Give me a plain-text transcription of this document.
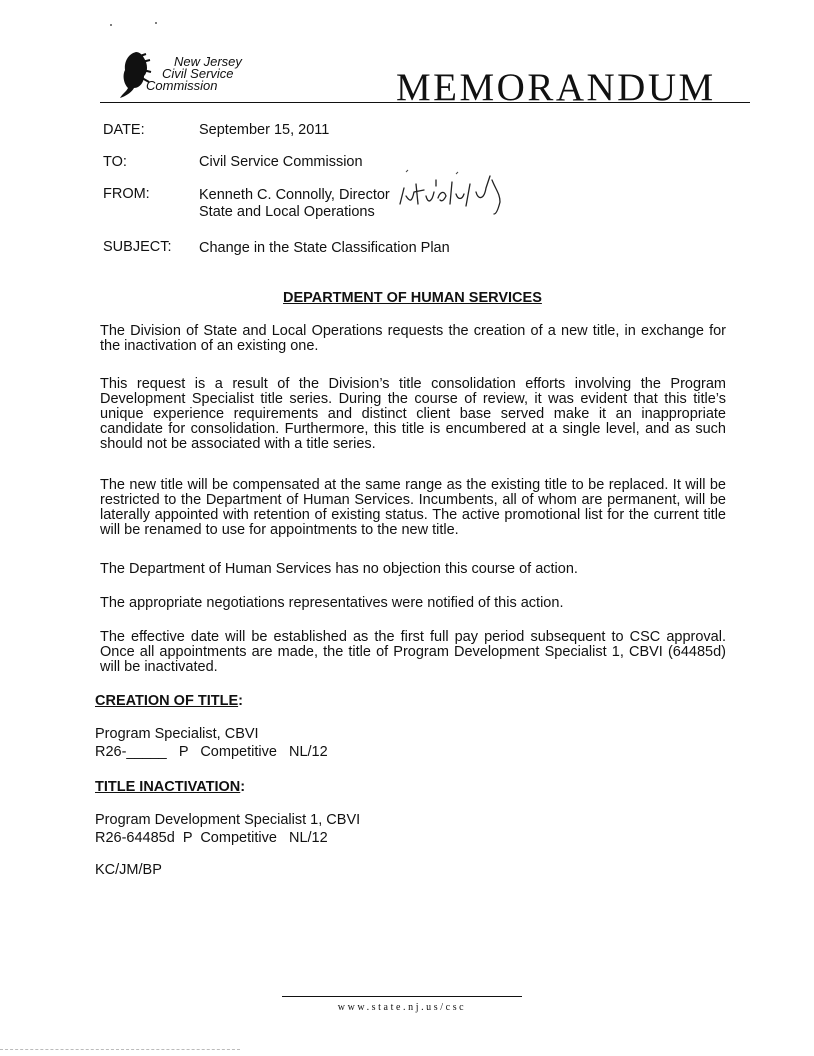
New Jersey
Civil Service
Commission	MEMORANDUM
DATE:	September 15, 2011
TO:	Civil Service Commission
FROM:	Kenneth C. Connolly, Director
State and Local Operations
SUBJECT: Change in the State Classification Plan
DEPARTMENT OF HUMAN SERVICES
The Division of State and Local Operations requests the creation of a new title, in exchange for the inactivation of an existing one.
This request is a result of the Division’s title consolidation efforts involving the Program Development Specialist title series. During the course of review, it was evident that this title’s unique experience requirements and distinct client base served make it an inappropriate candidate for consolidation. Furthermore, this title is encumbered at a single level, and as such should not be associated with a title series.
The new title will be compensated at the same range as the existing title to be replaced. It will be restricted to the Department of Human Services. Incumbents, all of whom are permanent, will be laterally appointed with retention of existing status. The active promotional list for the current title will be renamed to use for appointments to the new title.
The Department of Human Services has no objection this course of action.
The appropriate negotiations representatives were notified of this action.
The effective date will be established as the first full pay period subsequent to CSC approval. Once all appointments are made, the title of Program Development Specialist 1, CBVI (64485d) will be inactivated.
CREATION OF TITLE:
Program Specialist, CBVI
R26-_____   P   Competitive   NL/12
TITLE INACTIVATION:
Program Development Specialist 1, CBVI
R26-64485d  P  Competitive   NL/12
KC/JM/BP
www.state.nj.us/csc
